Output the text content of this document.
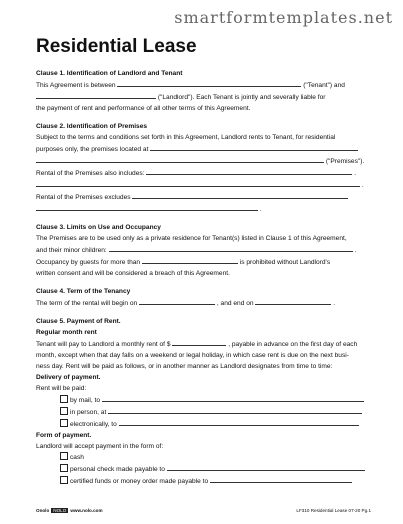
smartformtemplates.net
Residential Lease
Clause 1. Identification of Landlord and Tenant
This Agreement is between	("Tenant") and
("Landlord"). Each Tenant is jointly and severally liable for
the payment of rent and performance of all other terms of this Agreement.
Clause 2. Identification of Premises
Subject to the terms and conditions set forth in this Agreement, Landlord rents to Tenant, for residential
purposes only, the premises located at
("Premises").
Rental of the Premises also includes:	.
.
Rental of the Premises excludes
.
Clause 3. Limits on Use and Occupancy
The Premises are to be used only as a private residence for Tenant(s) listed in Clause 1 of this Agreement,
and their minor children:	.
Occupancy by guests for more than	is prohibited without Landlord's
written consent and will be considered a breach of this Agreement.
Clause 4. Term of the Tenancy
The term of the rental will begin on	, and end on	.
Clause 5. Payment of Rent.
Regular month rent
Tenant will pay to Landlord a monthly rent of $	, payable in advance on the first day of each
month, except when that day falls on a weekend or legal holiday, in which case rent is due on the next busi-
ness day. Rent will be paid as follows, or in another manner as Landlord designates from time to time:
Delivery of payment.
Rent will be paid:
by mail, to
in person, at
electronically, to
Form of payment.
Landlord will accept payment in the form of:
cash
personal check made payable to
certified funds or money order made payable to
Onolo NOLO www.nolo.com	LF310 Residential Lease 07-20 Pg.1
